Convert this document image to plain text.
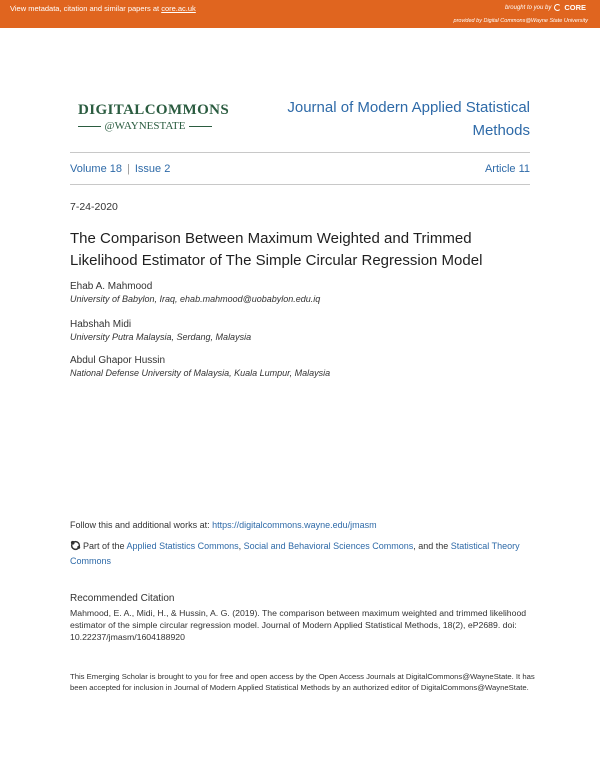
View metadata, citation and similar papers at core.ac.uk	brought to you by CORE
provided by Digital Commons@Wayne State University
DIGITALCOMMONS
@WAYNESTATE
Journal of Modern Applied Statistical Methods
Volume 18 | Issue 2	Article 11
7-24-2020
The Comparison Between Maximum Weighted and Trimmed Likelihood Estimator of The Simple Circular Regression Model
Ehab A. Mahmood
University of Babylon, Iraq, ehab.mahmood@uobabylon.edu.iq
Habshah Midi
University Putra Malaysia, Serdang, Malaysia
Abdul Ghapor Hussin
National Defense University of Malaysia, Kuala Lumpur, Malaysia
Follow this and additional works at: https://digitalcommons.wayne.edu/jmasm
Part of the Applied Statistics Commons, Social and Behavioral Sciences Commons, and the Statistical Theory Commons
Recommended Citation
Mahmood, E. A., Midi, H., & Hussin, A. G. (2019). The comparison between maximum weighted and trimmed likelihood estimator of the simple circular regression model. Journal of Modern Applied Statistical Methods, 18(2), eP2689. doi: 10.22237/jmasm/1604188920
This Emerging Scholar is brought to you for free and open access by the Open Access Journals at DigitalCommons@WayneState. It has been accepted for inclusion in Journal of Modern Applied Statistical Methods by an authorized editor of DigitalCommons@WayneState.
